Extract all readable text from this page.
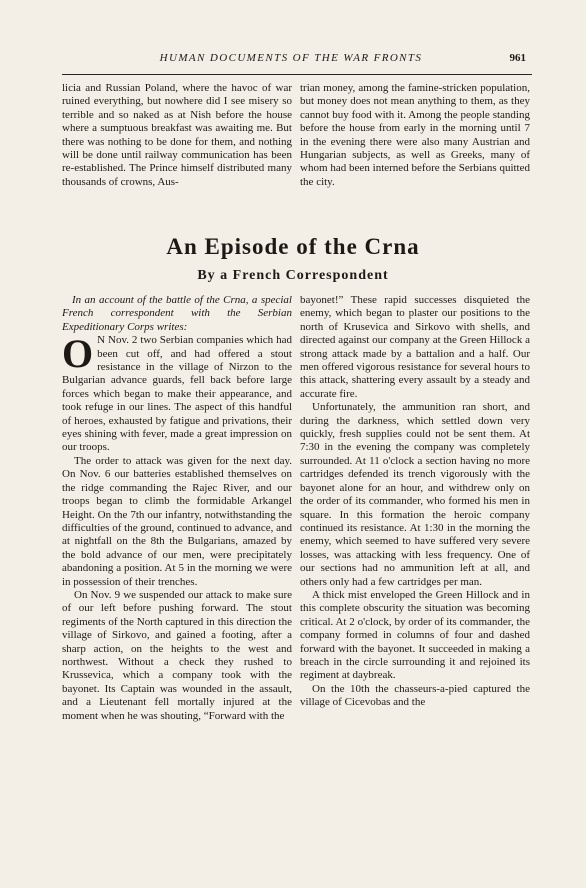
HUMAN DOCUMENTS OF THE WAR FRONTS	961

licia and Russian Poland, where the havoc of war ruined everything, but nowhere did I see misery so terrible and so naked as at Nish before the house where a sumptuous breakfast was awaiting me. But there was nothing to be done for them, and nothing will be done until railway communication has been re-established. The Prince himself distributed many thousands of crowns, Aus-

trian money, among the famine-stricken population, but money does not mean anything to them, as they cannot buy food with it. Among the people standing before the house from early in the morning until 7 in the evening there were also many Austrian and Hungarian subjects, as well as Greeks, many of whom had been interned before the Serbians quitted the city.

An Episode of the Crna
By a French Correspondent

In an account of the battle of the Crna, a special French correspondent with the Serbian Expeditionary Corps writes:

O N Nov. 2 two Serbian companies which had been cut off, and had offered a stout resistance in the village of Nirzon to the Bulgarian advance guards, fell back before large forces which began to make their appearance, and took refuge in our lines. The aspect of this handful of heroes, exhausted by fatigue and privations, their eyes shining with fever, made a great impression on our troops.

The order to attack was given for the next day. On Nov. 6 our batteries established themselves on the ridge commanding the Rajec River, and our troops began to climb the formidable Arkangel Height. On the 7th our infantry, notwithstanding the difficulties of the ground, continued to advance, and at nightfall on the 8th the Bulgarians, amazed by the bold advance of our men, were precipitately abandoning a position. At 5 in the morning we were in possession of their trenches.

On Nov. 9 we suspended our attack to make sure of our left before pushing forward. The stout regiments of the North captured in this direction the village of Sirkovo, and gained a footing, after a sharp action, on the heights to the west and northwest. Without a check they rushed to Krussevica, which a company took with the bayonet. Its Captain was wounded in the assault, and a Lieutenant fell mortally injured at the moment when he was shouting, “Forward with the

bayonet!” These rapid successes disquieted the enemy, which began to plaster our positions to the north of Krusevica and Sirkovo with shells, and directed against our company at the Green Hillock a strong attack made by a battalion and a half. Our men offered vigorous resistance for several hours to this attack, shattering every assault by a steady and accurate fire.

Unfortunately, the ammunition ran short, and during the darkness, which settled down very quickly, fresh supplies could not be sent them. At 7:30 in the evening the company was completely surrounded. At 11 o'clock a section having no more cartridges defended its trench vigorously with the bayonet alone for an hour, and withdrew only on the order of its commander, who formed his men in square. In this formation the heroic company continued its resistance. At 1:30 in the morning the enemy, which seemed to have suffered very severe losses, was attacking with less frequency. One of our sections had no ammunition left at all, and others only had a few cartridges per man.

A thick mist enveloped the Green Hillock and in this complete obscurity the situation was becoming critical. At 2 o'clock, by order of its commander, the company formed in columns of four and dashed forward with the bayonet. It succeeded in making a breach in the circle surrounding it and rejoined its regiment at daybreak.

On the 10th the chasseurs-a-pied captured the village of Cicevobas and the
